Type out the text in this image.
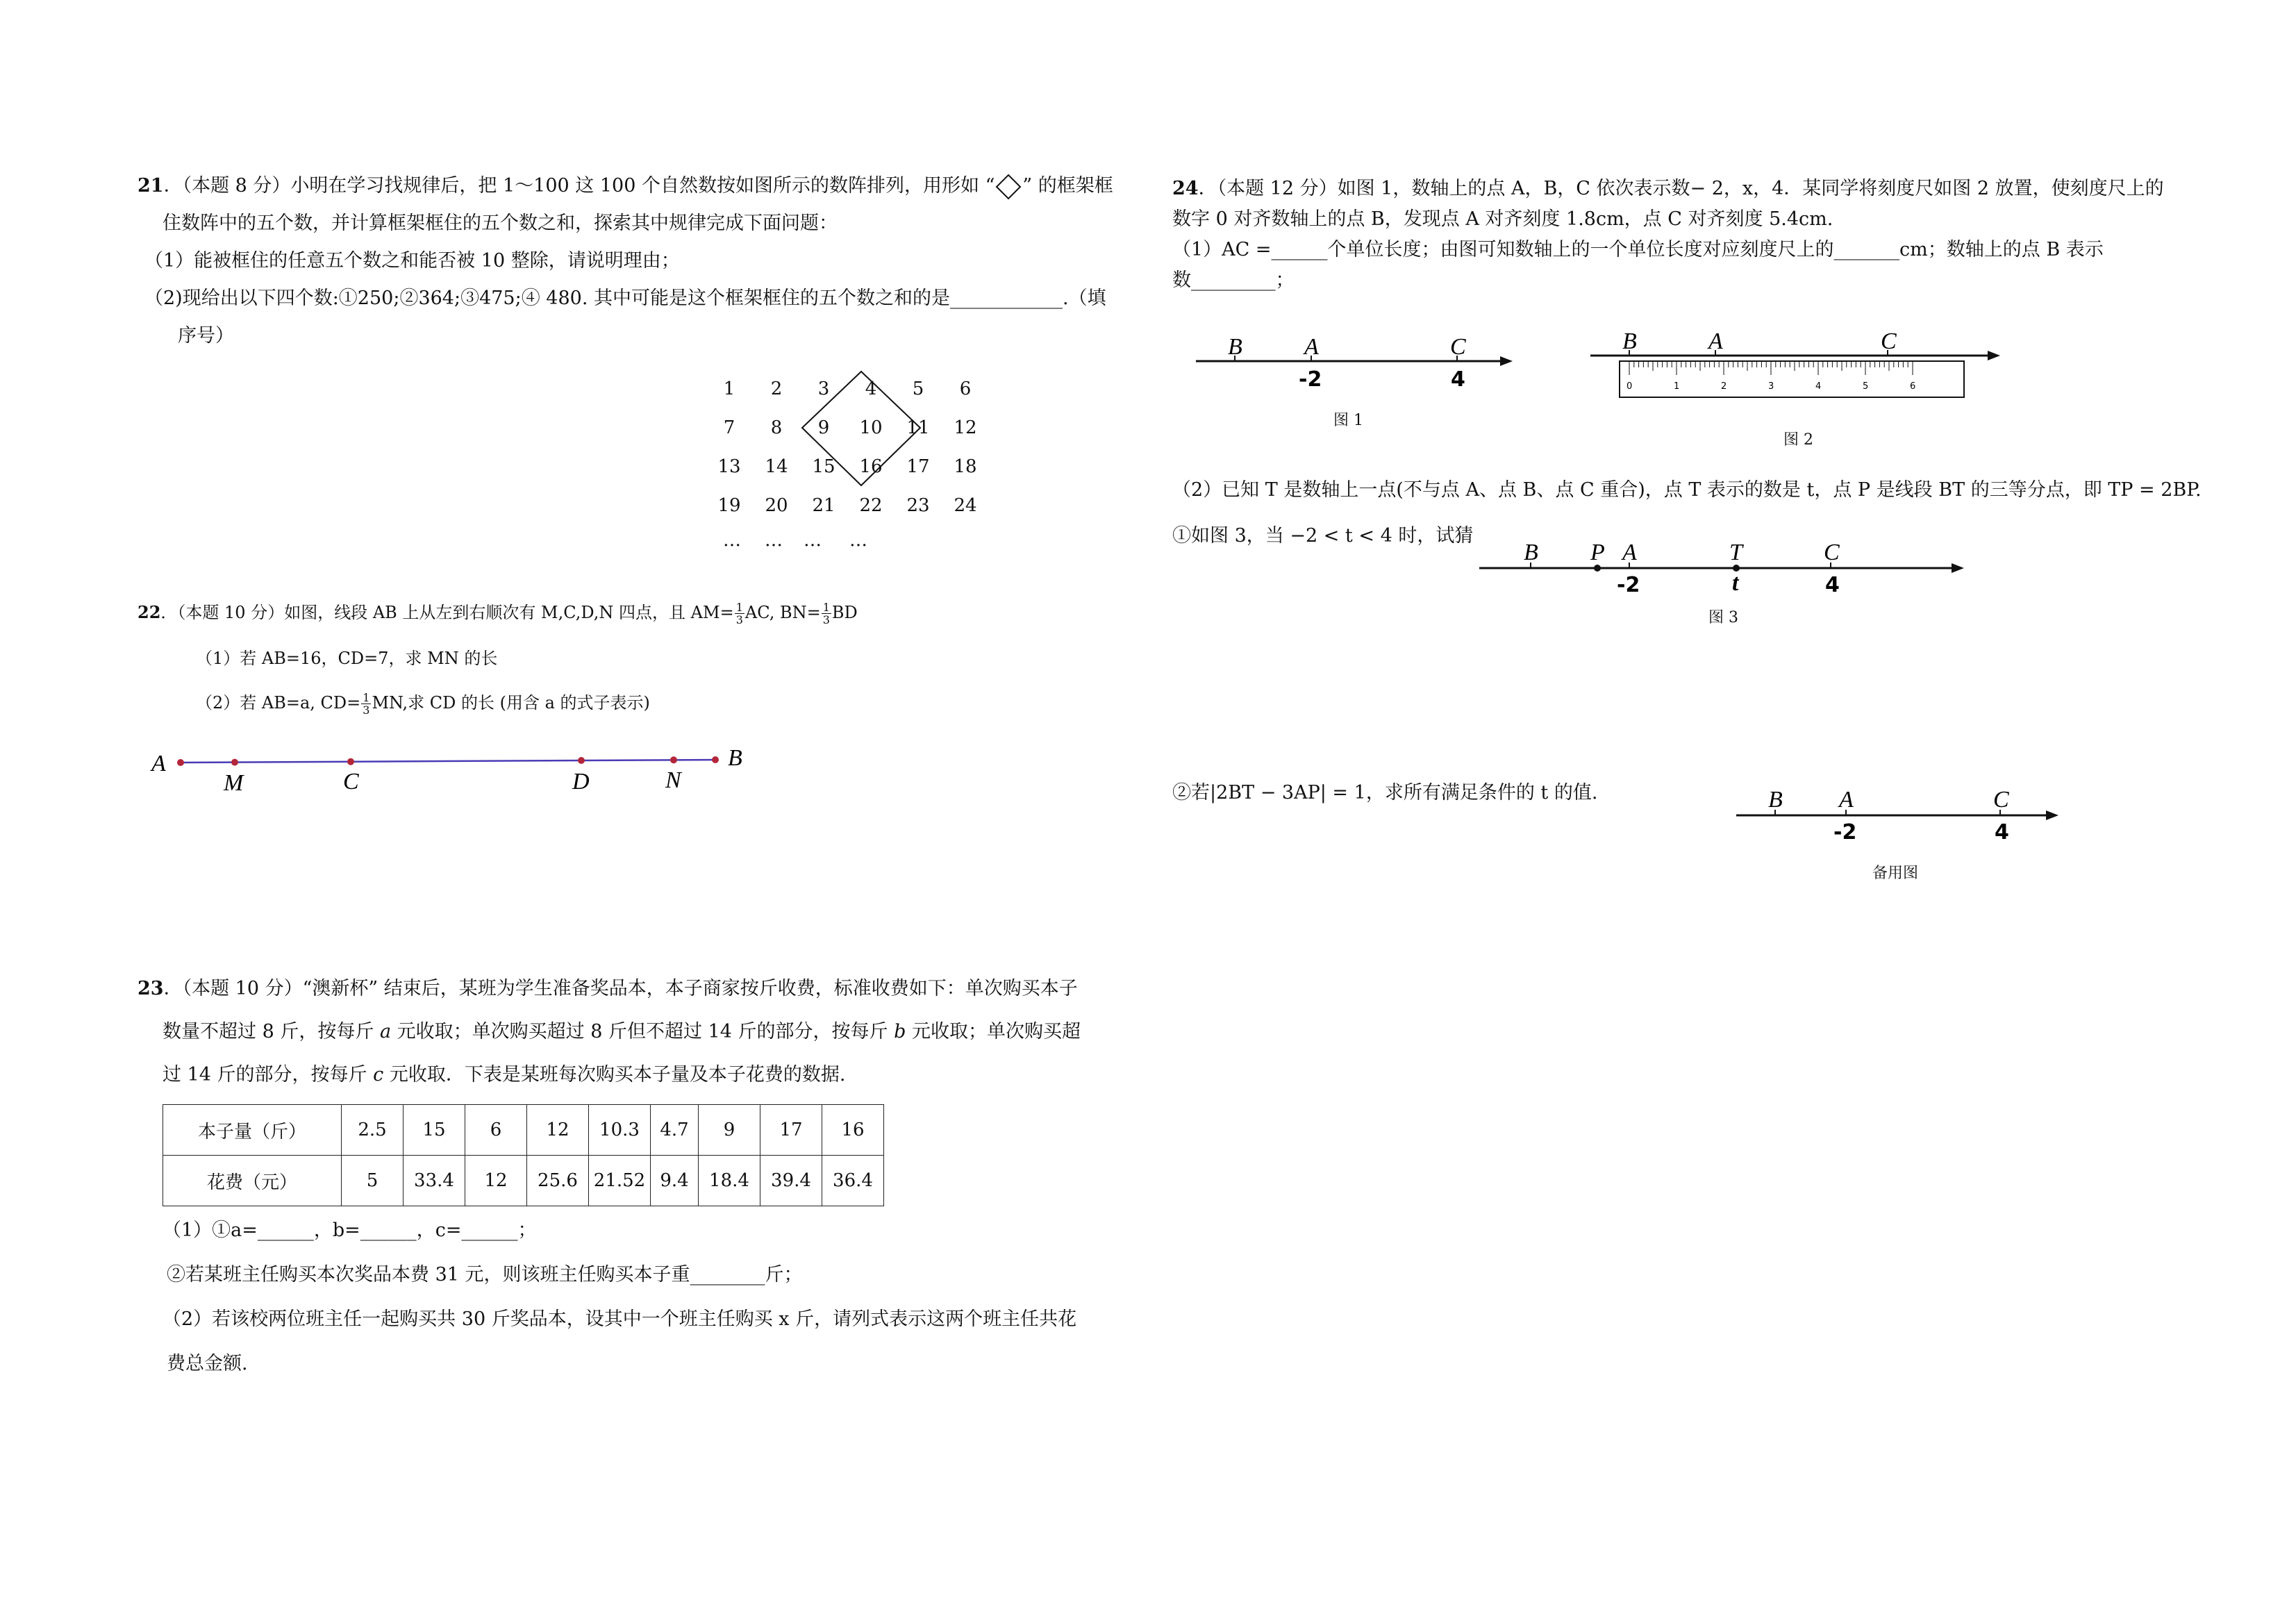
21．（本题 8 分）小明在学习找规律后，把 1～100 这 100 个自然数按如图所示的数阵排列，用形如 “ ” 的框架框
住数阵中的五个数，并计算框架框住的五个数之和，探索其中规律完成下面问题：
（1）能被框住的任意五个数之和能否被 10 整除，请说明理由；
（2)现给出以下四个数:①250;②364;③475;④ 480. 其中可能是这个框架框住的五个数之和的是____________.（填
序号）
1	2	3	4	5	6
7	8	9	10	11	12
13	14	15	16	17	18
19	20	21	22	23	24
…	…	…	…
22．（本题 10 分）如图，线段 AB 上从左到右顺次有 M,C,D,N 四点，且 $AM= \frac{1}{3}$ AC, $BN= \frac{1}{3}$ BD
（1）若 AB=16，CD=7，求 MN 的长
（2）若 AB=a, $CD= \frac{1}{3}$ MN,求 CD 的长 (用含 a 的式子表示)
A
M	C	D	N
B
23．（本题 10 分）“澳新杯” 结束后，某班为学生准备奖品本，本子商家按斤收费，标准收费如下：单次购买本子
数量不超过 8 斤，按每斤 a 元收取；单次购买超过 8 斤但不超过 14 斤的部分，按每斤 b 元收取；单次购买超
过 14 斤的部分，按每斤 c 元收取．下表是某班每次购买本子量及本子花费的数据.
本子量（斤）	2.5	15	6	12	10.3	4.7	9	17	16
花费（元）	5	33.4	12	25.6	21.52	9.4	18.4	39.4	36.4
（1）①a=______，b=______，c=______；
②若某班主任购买本次奖品本费 31 元，则该班主任购买本子重________斤；
（2）若该校两位班主任一起购买共 30 斤奖品本，设其中一个班主任购买 x 斤，请列式表示这两个班主任共花
费总金额.
24．（本题 12 分）如图 1，数轴上的点 A，B，C 依次表示数− 2，x，4．某同学将刻度尺如图 2 放置，使刻度尺上的
数字 0 对齐数轴上的点 B，发现点 A 对齐刻度 1.8cm，点 C 对齐刻度 5.4cm.
（1）AC =______个单位长度；由图可知数轴上的一个单位长度对应刻度尺上的_______cm；数轴上的点 B 表示
数_________；
B	A	C
-2	4
图 1
B	A	C
0	1	2	3	4	5	6
图 2
（2）已知 T 是数轴上一点(不与点 A、点 B、点 C 重合)，点 T 表示的数是 t，点 P 是线段 BT 的三等分点，即 TP = 2BP.
①如图 3，当 −2 < t < 4 时，试猜
B P A	T	C
-2	t	4
图 3
②若|2BT − 3AP| = 1，求所有满足条件的 t 的值.	B A	C
-2	4
备用图
